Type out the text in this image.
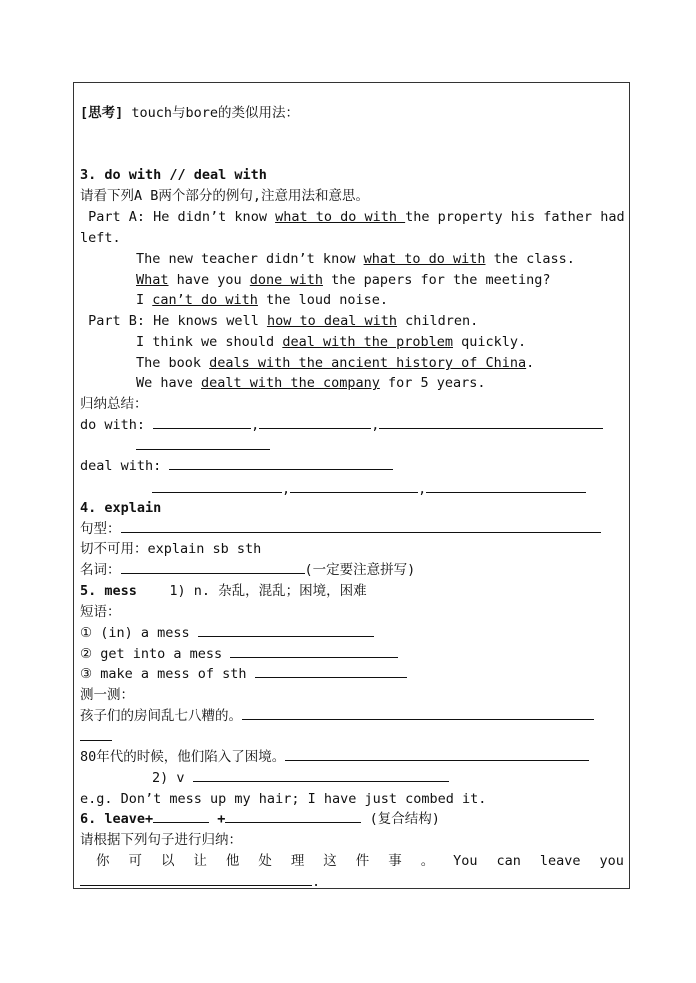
[思考] touch与bore的类似用法：
3. do with // deal with
请看下列A B两个部分的例句,注意用法和意思。
Part A: He didn’t know what to do with the property his father had
left.
The new teacher didn’t know what to do with the class.
What have you done with the papers for the meeting?
I can’t do with the loud noise.
Part B: He knows well how to deal with children.
I think we should deal with the problem quickly.
The book deals with the ancient history of China.
We have dealt with the company for 5 years.
归纳总结：
do with:	,	,
deal with:
,	,
4. explain
句型：
切不可用：explain sb sth
名词：	(一定要注意拼写)
5. mess    1) n. 杂乱，混乱；困境，困难
短语：
① (in) a mess
② get into a mess
③ make a mess of sth
测一测：
孩子们的房间乱七八糟的。
80年代的时候，他们陷入了困境。
2) v
e.g. Don’t mess up my hair; I have just combed it.
6. leave+	+	(复合结构)
请根据下列句子进行归纳：
你 可 以 让 他 处 理 这 件 事 。 You can leave you
.
